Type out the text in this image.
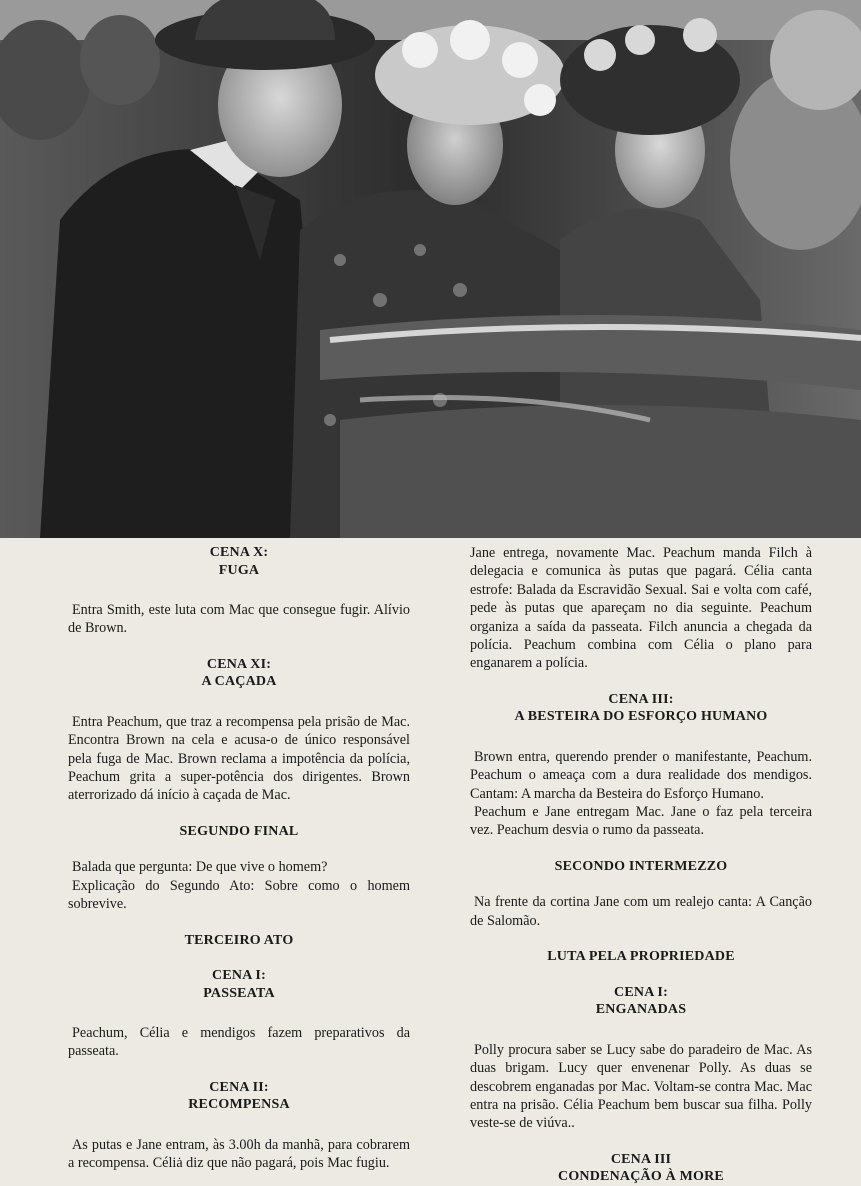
CENA X:
FUGA

Entra Smith, este luta com Mac que consegue fugir. Alívio de Brown.

CENA XI:
A CAÇADA

Entra Peachum, que traz a recompensa pela prisão de Mac. Encontra Brown na cela e acusa-o de único responsável pela fuga de Mac. Brown reclama a impotência da polícia, Peachum grita a super-potência dos dirigentes. Brown aterrorizado dá início à caçada de Mac.

SEGUNDO FINAL

Balada que pergunta: De que vive o homem?

Explicação do Segundo Ato: Sobre como o homem sobrevive.

TERCEIRO ATO
CENA I:
PASSEATA

Peachum, Célia e mendigos fazem preparativos da passeata.

CENA II:
RECOMPENSA

As putas e Jane entram, às 3.00h da manhã, para cobrarem a recompensa. Céliȧ diz que não pagará, pois Mac fugiu.

Jane entrega, novamente Mac. Peachum manda Filch à delegacia e comunica às putas que pagará. Célia canta estrofe: Balada da Escravidão Sexual. Sai e volta com café, pede às putas que apareçam no dia seguinte. Peachum organiza a saída da passeata. Filch anuncia a chegada da polícia. Peachum combina com Célia o plano para enganarem a polícia.

CENA III:
A BESTEIRA DO ESFORÇO HUMANO

Brown entra, querendo prender o manifestante, Peachum. Peachum o ameaça com a dura realidade dos mendigos. Cantam: A marcha da Besteira do Esforço Humano.

Peachum e Jane entregam Mac. Jane o faz pela terceira vez. Peachum desvia o rumo da passeata.

SECONDO INTERMEZZO

Na frente da cortina Jane com um realejo canta: A Canção de Salomão.

LUTA PELA PROPRIEDADE
CENA I:
ENGANADAS

Polly procura saber se Lucy sabe do paradeiro de Mac. As duas brigam. Lucy quer envenenar Polly. As duas se descobrem enganadas por Mac. Voltam-se contra Mac. Mac entra na prisão. Célia Peachum bem buscar sua filha. Polly veste-se de viúva..

CENA III
CONDENAÇÃO À MORE
